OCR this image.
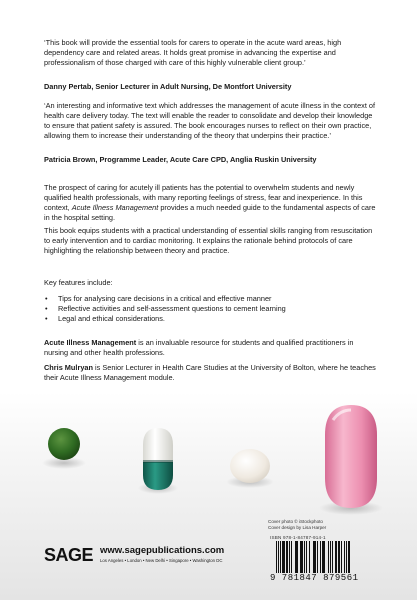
‘This book will provide the essential tools for carers to operate in the acute ward areas, high dependency care and related areas. It holds great promise in advancing the expertise and professionalism of those charged with care of this highly vulnerable client group.’

Danny Pertab, Senior Lecturer in Adult Nursing, De Montfort University

‘An interesting and informative text which addresses the management of acute illness in the context of health care delivery today. The text will enable the reader to consolidate and develop their knowledge to ensure that patient safety is assured. The book encourages nurses to reflect on their own practice, allowing them to increase their understanding of the theory that underpins their practice.’

Patricia Brown, Programme Leader, Acute Care CPD, Anglia Ruskin University

The prospect of caring for acutely ill patients has the potential to overwhelm students and newly qualified health professionals, with many reporting feelings of stress, fear and inexperience. In this context, Acute Illness Management provides a much needed guide to the fundamental aspects of care in the hospital setting.

This book equips students with a practical understanding of essential skills ranging from resuscitation to early intervention and to cardiac monitoring. It explains the rationale behind protocols of care highlighting the relationship between theory and practice.

Key features include:

• Tips for analysing care decisions in a critical and effective manner
• Reflective activities and self-assessment questions to cement learning
• Legal and ethical considerations.

Acute Illness Management is an invaluable resource for students and qualified practitioners in nursing and other health professions.

Chris Mulryan is Senior Lecturer in Health Care Studies at the University of Bolton, where he teaches their Acute Illness Management module.

Cover photo © iStockphoto
Cover design by Lisa Harper
SAGE www.sagepublications.com
Los Angeles • London • New Delhi • Singapore • Washington DC
ISBN 978-1-84787-914-1
9 781847 879561
